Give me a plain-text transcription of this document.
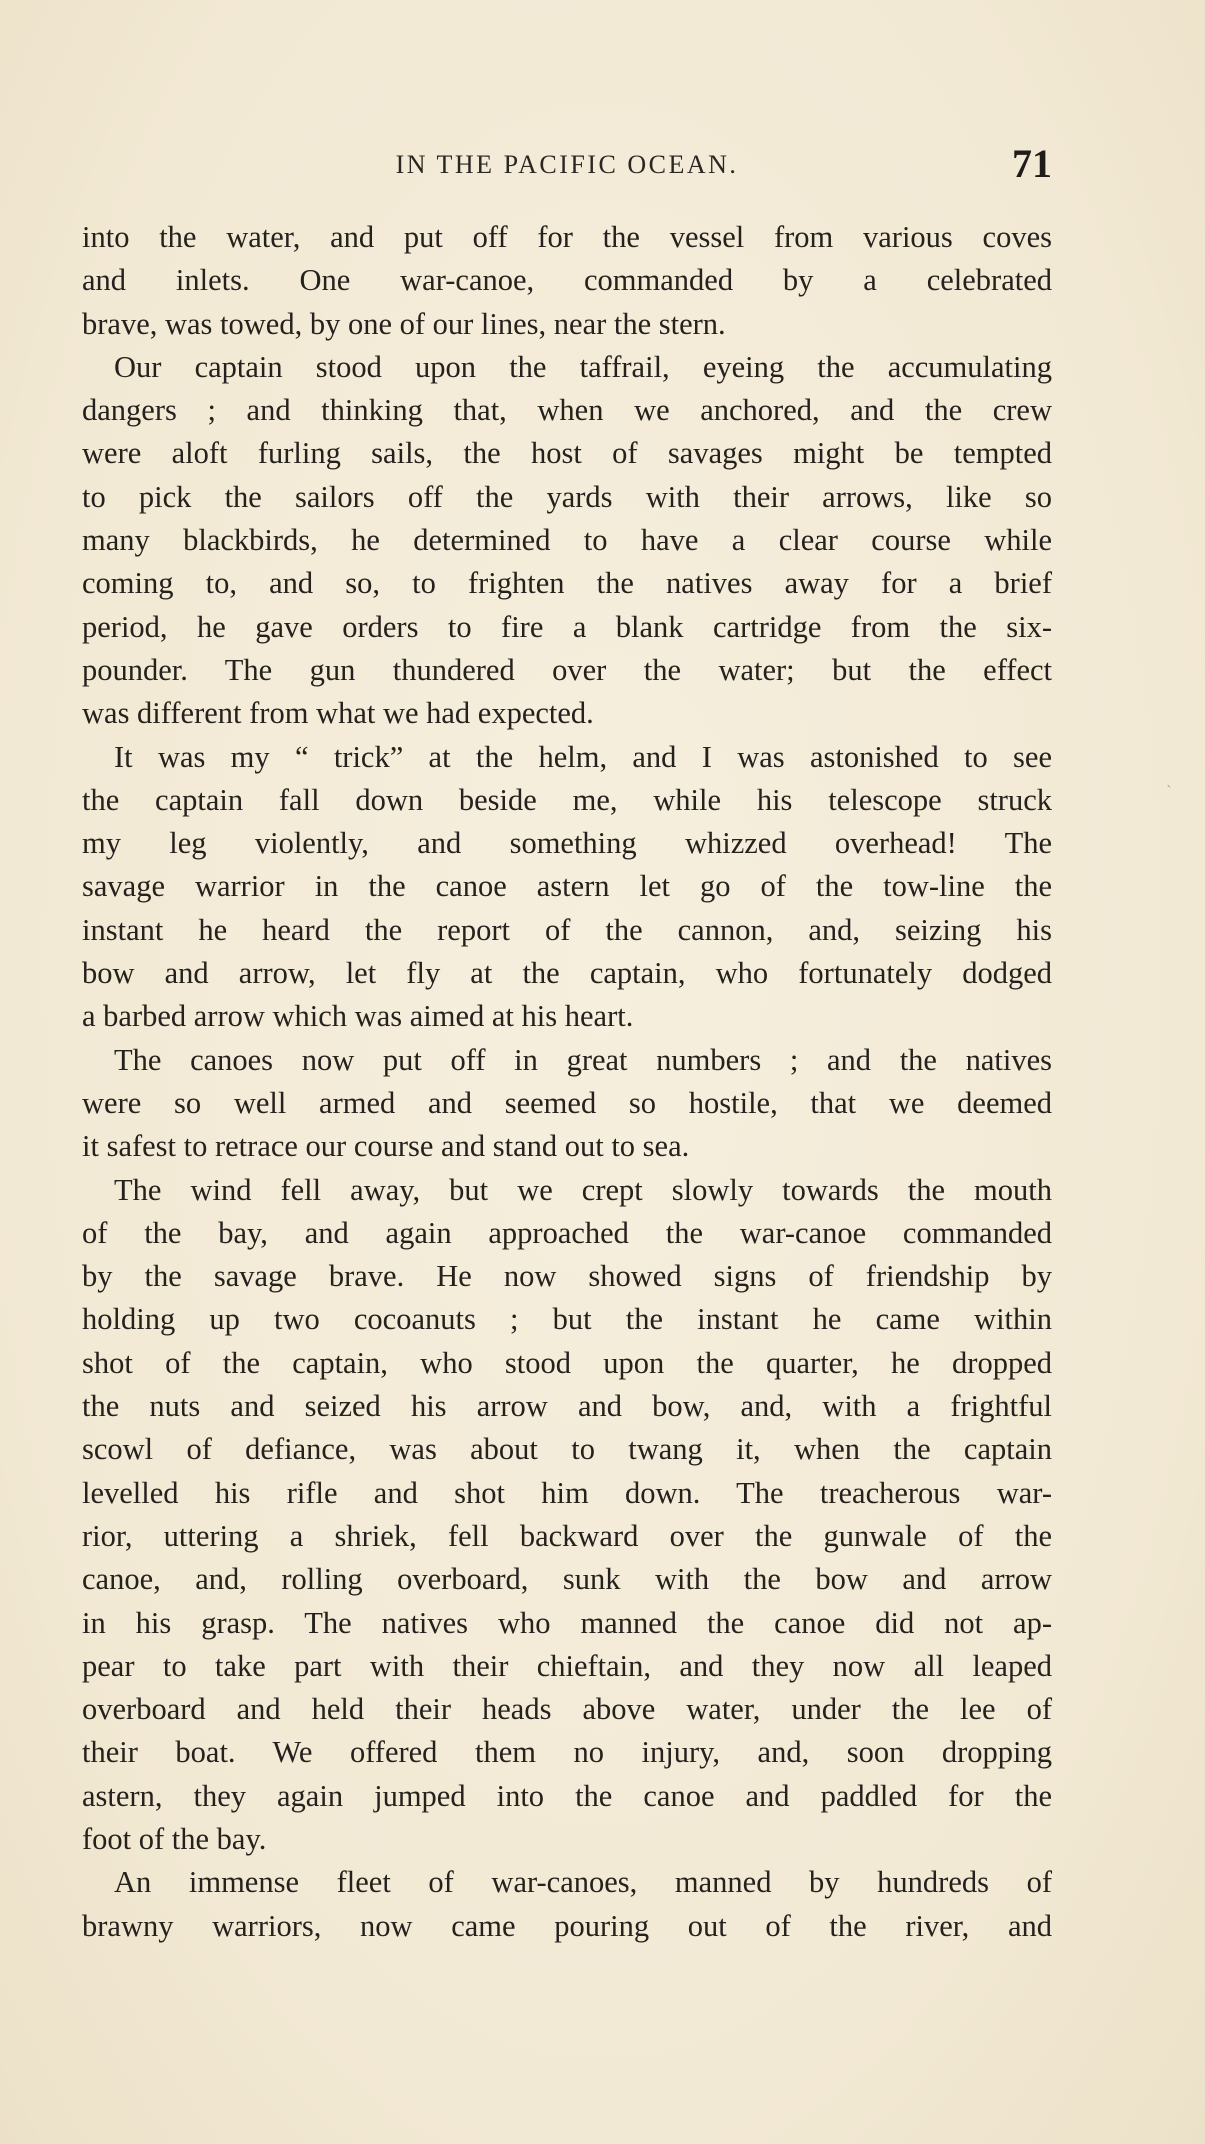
IN THE PACIFIC OCEAN.	71
into the water, and put off for the vessel from various coves
and inlets. One war-canoe, commanded by a celebrated
brave, was towed, by one of our lines, near the stern.
Our captain stood upon the taffrail, eyeing the accumulating
dangers ; and thinking that, when we anchored, and the crew
were aloft furling sails, the host of savages might be tempted
to pick the sailors off the yards with their arrows, like so
many blackbirds, he determined to have a clear course while
coming to, and so, to frighten the natives away for a brief
period, he gave orders to fire a blank cartridge from the six-
pounder. The gun thundered over the water; but the effect
was different from what we had expected.
It was my “ trick” at the helm, and I was astonished to see
the captain fall down beside me, while his telescope struck
my leg violently, and something whizzed overhead! The
savage warrior in the canoe astern let go of the tow-line the
instant he heard the report of the cannon, and, seizing his
bow and arrow, let fly at the captain, who fortunately dodged
a barbed arrow which was aimed at his heart.
The canoes now put off in great numbers ; and the natives
were so well armed and seemed so hostile, that we deemed
it safest to retrace our course and stand out to sea.
The wind fell away, but we crept slowly towards the mouth
of the bay, and again approached the war-canoe commanded
by the savage brave. He now showed signs of friendship by
holding up two cocoanuts ; but the instant he came within
shot of the captain, who stood upon the quarter, he dropped
the nuts and seized his arrow and bow, and, with a frightful
scowl of defiance, was about to twang it, when the captain
levelled his rifle and shot him down. The treacherous war-
rior, uttering a shriek, fell backward over the gunwale of the
canoe, and, rolling overboard, sunk with the bow and arrow
in his grasp. The natives who manned the canoe did not ap-
pear to take part with their chieftain, and they now all leaped
overboard and held their heads above water, under the lee of
their boat. We offered them no injury, and, soon dropping
astern, they again jumped into the canoe and paddled for the
foot of the bay.
An immense fleet of war-canoes, manned by hundreds of
brawny warriors, now came pouring out of the river, and
ˎ
